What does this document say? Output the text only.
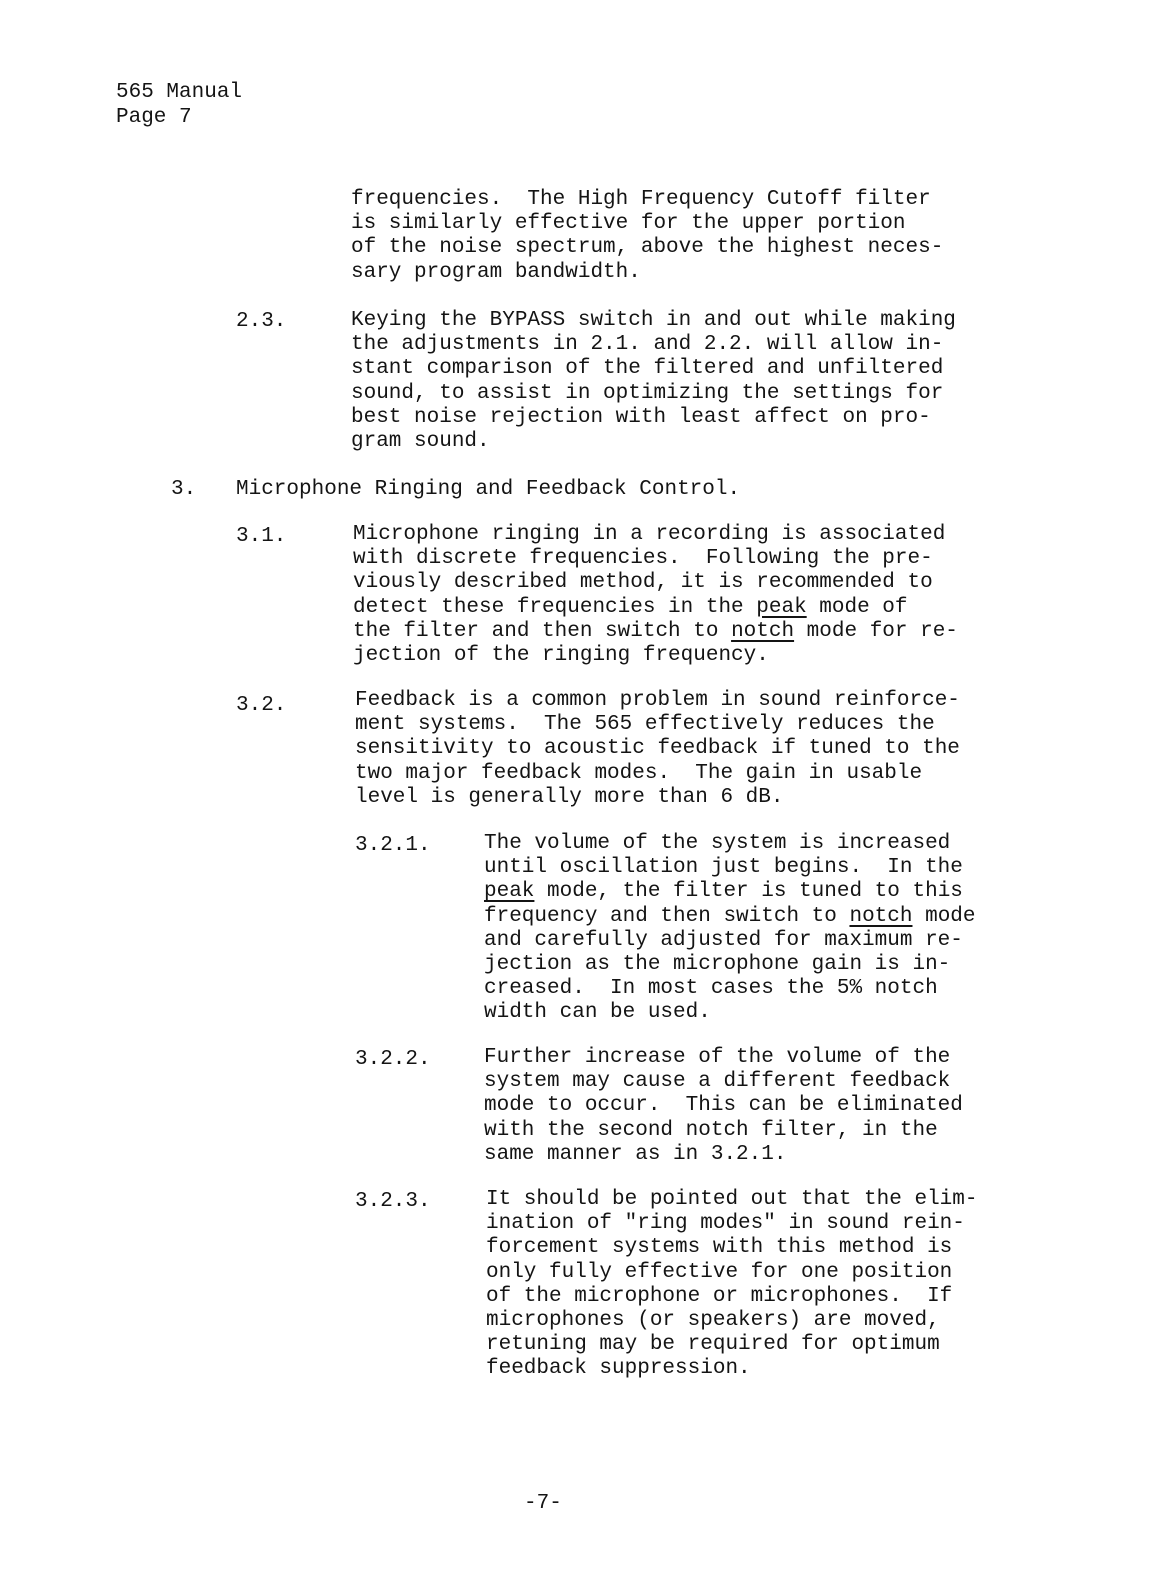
565 Manual
Page 7
frequencies.  The High Frequency Cutoff filter
is similarly effective for the upper portion
of the noise spectrum, above the highest neces-
sary program bandwidth.
2.3.	Keying the BYPASS switch in and out while making
the adjustments in 2.1. and 2.2. will allow in-
stant comparison of the filtered and unfiltered
sound, to assist in optimizing the settings for
best noise rejection with least affect on pro-
gram sound.
3. Microphone Ringing and Feedback Control.
3.1.	Microphone ringing in a recording is associated
with discrete frequencies.  Following the pre-
viously described method, it is recommended to
detect these frequencies in the peak mode of
the filter and then switch to notch mode for re-
jection of the ringing frequency.
3.2.	Feedback is a common problem in sound reinforce-
ment systems.  The 565 effectively reduces the
sensitivity to acoustic feedback if tuned to the
two major feedback modes.  The gain in usable
level is generally more than 6 dB.
3.2.1.	The volume of the system is increased
until oscillation just begins.  In the
peak mode, the filter is tuned to this
frequency and then switch to notch mode
and carefully adjusted for maximum re-
jection as the microphone gain is in-
creased.  In most cases the 5% notch
width can be used.
3.2.2.	Further increase of the volume of the
system may cause a different feedback
mode to occur.  This can be eliminated
with the second notch filter, in the
same manner as in 3.2.1.
3.2.3.	It should be pointed out that the elim-
ination of "ring modes" in sound rein-
forcement systems with this method is
only fully effective for one position
of the microphone or microphones.  If
microphones (or speakers) are moved,
retuning may be required for optimum
feedback suppression.
-7-
